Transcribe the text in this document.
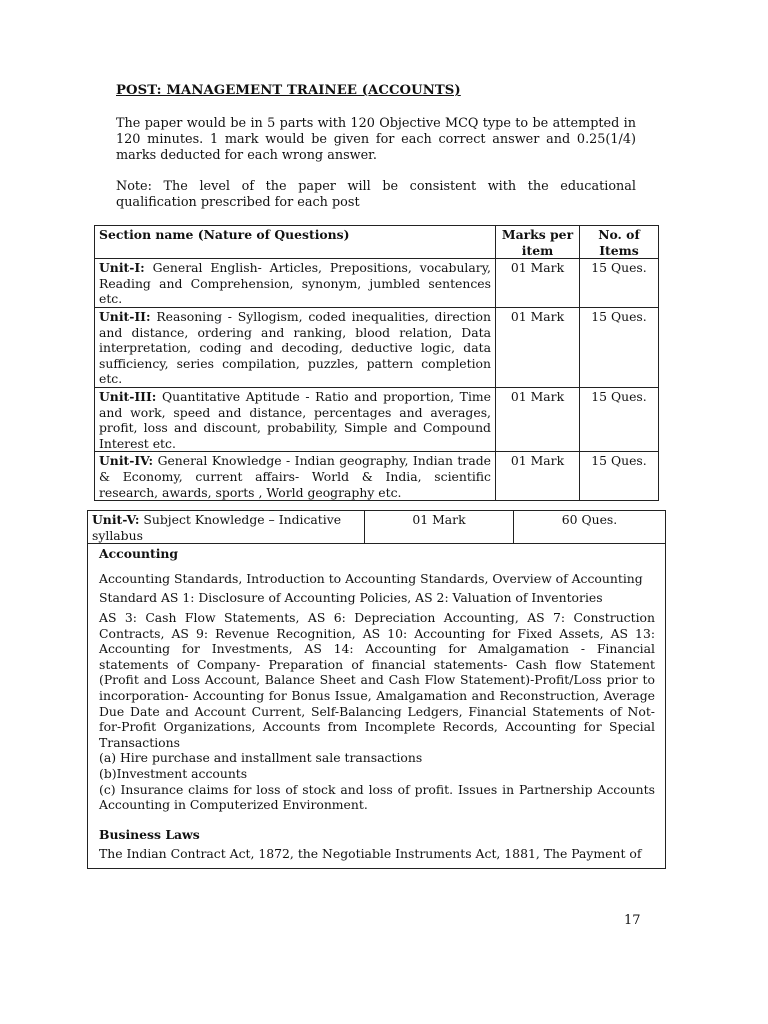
POST: MANAGEMENT TRAINEE (ACCOUNTS)
The paper would be in 5 parts with 120 Objective MCQ type to be attempted in 120 minutes. 1 mark would be given for each correct answer and 0.25(1/4) marks deducted for each wrong answer.
Note: The level of the paper will be consistent with the educational qualification prescribed for each post
Section name (Nature of Questions)	Marks per item	No. of Items
Unit-I: General English- Articles, Prepositions, vocabulary, Reading and Comprehension, synonym, jumbled sentences etc.	01 Mark	15 Ques.
Unit-II: Reasoning - Syllogism, coded inequalities, direction and distance, ordering and ranking, blood relation, Data interpretation, coding and decoding, deductive logic, data sufficiency, series compilation, puzzles, pattern completion etc.	01 Mark	15 Ques.
Unit-III: Quantitative Aptitude - Ratio and proportion, Time and work, speed and distance, percentages and averages, profit, loss and discount, probability, Simple and Compound Interest etc.	01 Mark	15 Ques.
Unit-IV: General Knowledge - Indian geography, Indian trade & Economy, current affairs- World & India, scientific research, awards, sports , World geography etc.	01 Mark	15 Ques.
Unit-V: Subject Knowledge – Indicative syllabus	01 Mark	60 Ques.

Accounting
Accounting Standards, Introduction to Accounting Standards, Overview of Accounting
Standard AS 1: Disclosure of Accounting Policies, AS 2: Valuation of Inventories
AS 3: Cash Flow Statements, AS 6: Depreciation Accounting, AS 7: Construction Contracts, AS 9: Revenue Recognition, AS 10: Accounting for Fixed Assets, AS 13: Accounting for Investments, AS 14: Accounting for Amalgamation - Financial statements of Company- Preparation of financial statements- Cash flow Statement (Profit and Loss Account, Balance Sheet and Cash Flow Statement)-Profit/Loss prior to incorporation- Accounting for Bonus Issue, Amalgamation and Reconstruction, Average Due Date and Account Current, Self-Balancing Ledgers, Financial Statements of Not-for-Profit Organizations, Accounts from Incomplete Records, Accounting for Special Transactions
(a) Hire purchase and installment sale transactions
(b)Investment accounts
(c) Insurance claims for loss of stock and loss of profit. Issues in Partnership Accounts Accounting in Computerized Environment.
Business Laws
The Indian Contract Act, 1872, the Negotiable Instruments Act, 1881, The Payment of
17
